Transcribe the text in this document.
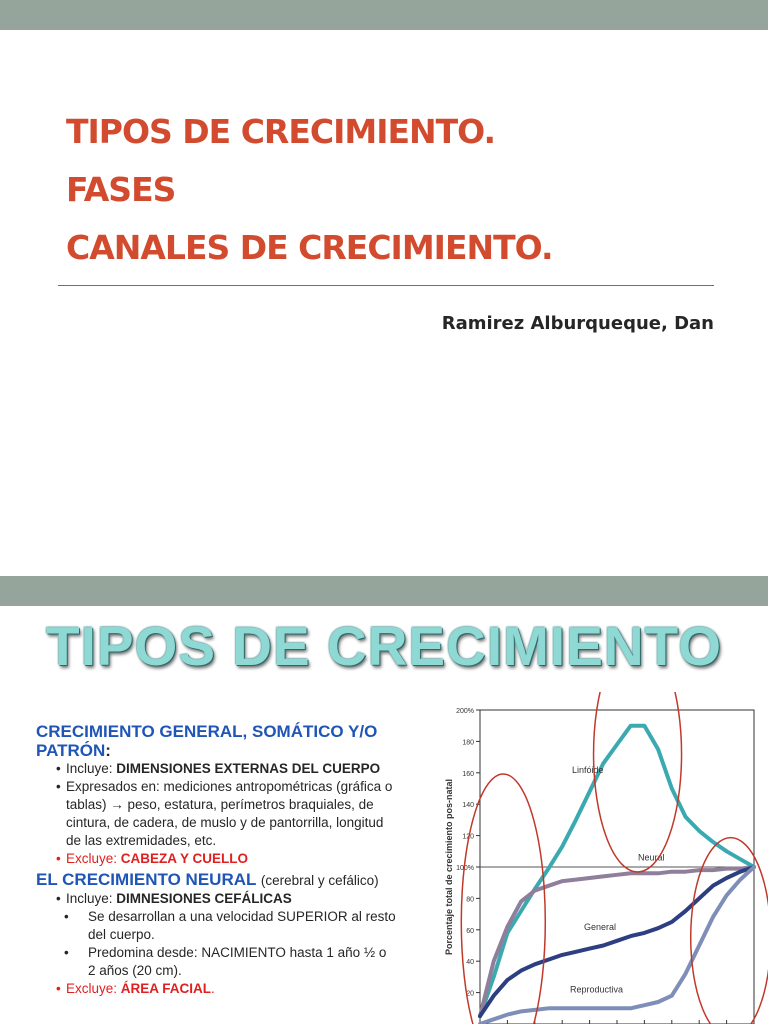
TIPOS DE CRECIMIENTO.
FASES
CANALES DE CRECIMIENTO.
Ramirez Alburqueque, Dan
TIPOS DE CRECIMIENTO
CRECIMIENTO GENERAL, SOMÁTICO Y/O PATRÓN:
• Incluye: DIMENSIONES EXTERNAS DEL CUERPO
• Expresados en: mediciones antropométricas (gráfica o tablas) → peso, estatura, perímetros braquiales, de cintura, de cadera, de muslo y de pantorrilla, longitud de las extremidades, etc.
• Excluye: CABEZA Y CUELLO
EL CRECIMIENTO NEURAL (cerebral y cefálico)
• Incluye: DIMNESIONES CEFÁLICAS
• Se desarrollan a una velocidad SUPERIOR al resto del cuerpo.
• Predomina desde: NACIMIENTO hasta 1 año ½ o 2 años (20 cm).
• Excluye: ÁREA FACIAL.
200%
180
160
140
120
100%
80
60
40
20
Porcentaje total de crecimiento pos-natal
Linfóide
Neural
General
Reproductiva
